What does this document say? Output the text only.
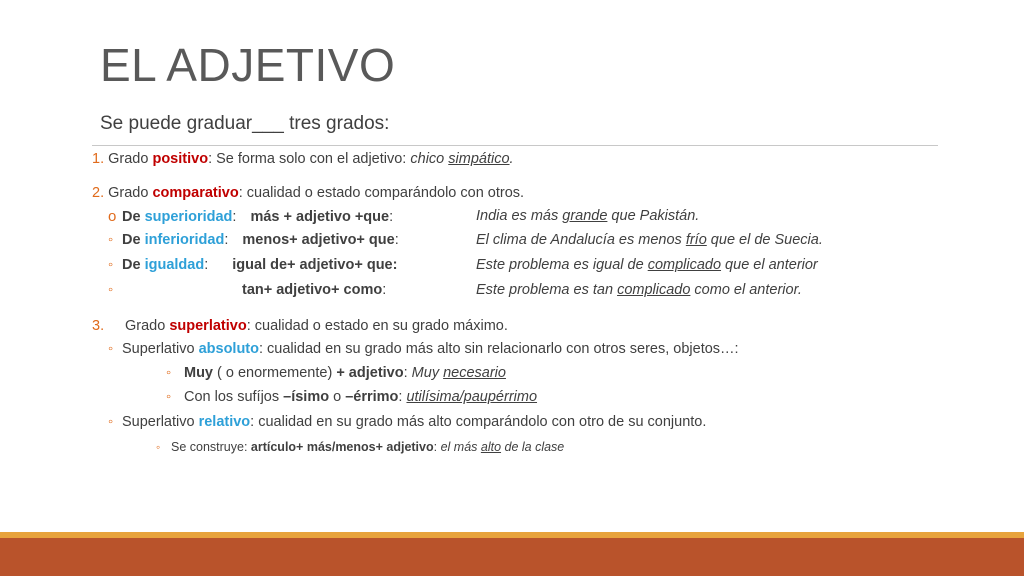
EL ADJETIVO
Se puede graduar___ tres grados:
1. Grado positivo: Se forma solo con el adjetivo: chico simpático.
2. Grado comparativo: cualidad o estado comparándolo con otros.
o De superioridad: más + adjetivo +que:	India es más grande que Pakistán.
◦ De inferioridad: menos+ adjetivo+ que:	El clima de Andalucía es menos frío que el de Suecia.
◦ De igualdad: igual de+ adjetivo+ que:	Este problema es igual de complicado que el anterior
◦	tan+ adjetivo+ como:	Este problema es tan complicado como el anterior.
3. Grado superlativo: cualidad o estado en su grado máximo.
◦ Superlativo absoluto: cualidad en su grado más alto sin relacionarlo con otros seres, objetos…:
◦ Muy ( o enormemente) + adjetivo: Muy necesario
◦ Con los sufíjos –ísimo o –érrimo: utilísima/paupérrimo
◦ Superlativo relativo: cualidad en su grado más alto comparándolo con otro de su conjunto.
◦ Se construye: artículo+ más/menos+ adjetivo: el más alto de la clase
